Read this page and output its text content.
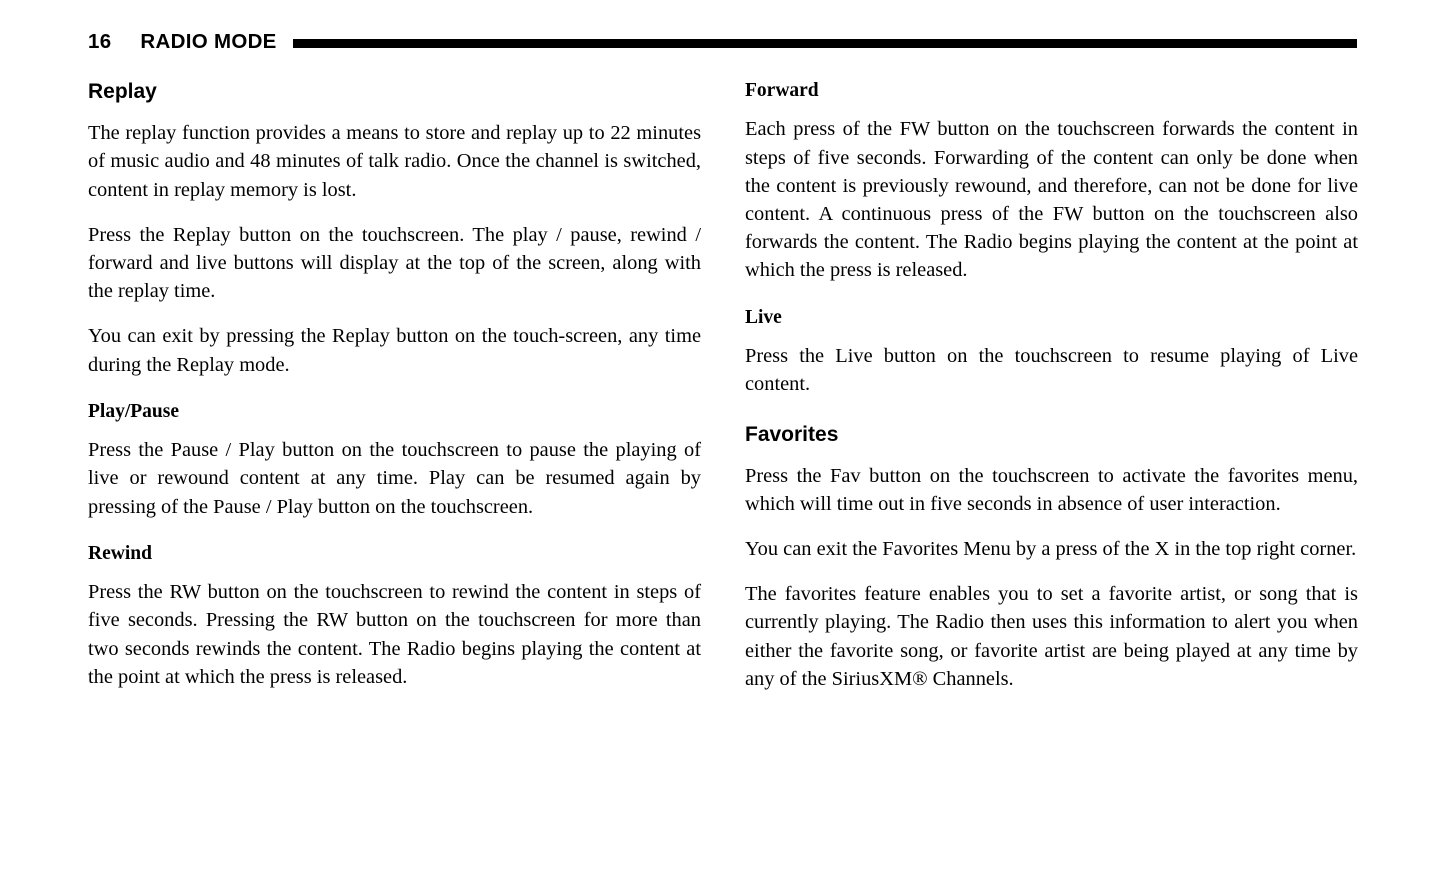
16 RADIO MODE
Replay

The replay function provides a means to store and replay up to 22 minutes of music audio and 48 minutes of talk radio. Once the channel is switched, content in replay memory is lost.

Press the Replay button on the touchscreen. The play / pause, rewind / forward and live buttons will display at the top of the screen, along with the replay time.

You can exit by pressing the Replay button on the touch-screen, any time during the Replay mode.

Play/Pause

Press the Pause / Play button on the touchscreen to pause the playing of live or rewound content at any time. Play can be resumed again by pressing of the Pause / Play button on the touchscreen.

Rewind

Press the RW button on the touchscreen to rewind the content in steps of five seconds. Pressing the RW button on the touchscreen for more than two seconds rewinds the content. The Radio begins playing the content at the point at which the press is released.

Forward

Each press of the FW button on the touchscreen forwards the content in steps of five seconds. Forwarding of the content can only be done when the content is previously rewound, and therefore, can not be done for live content. A continuous press of the FW button on the touchscreen also forwards the content. The Radio begins playing the content at the point at which the press is released.

Live

Press the Live button on the touchscreen to resume playing of Live content.

Favorites

Press the Fav button on the touchscreen to activate the favorites menu, which will time out in five seconds in absence of user interaction.

You can exit the Favorites Menu by a press of the X in the top right corner.

The favorites feature enables you to set a favorite artist, or song that is currently playing. The Radio then uses this information to alert you when either the favorite song, or favorite artist are being played at any time by any of the SiriusXM® Channels.
